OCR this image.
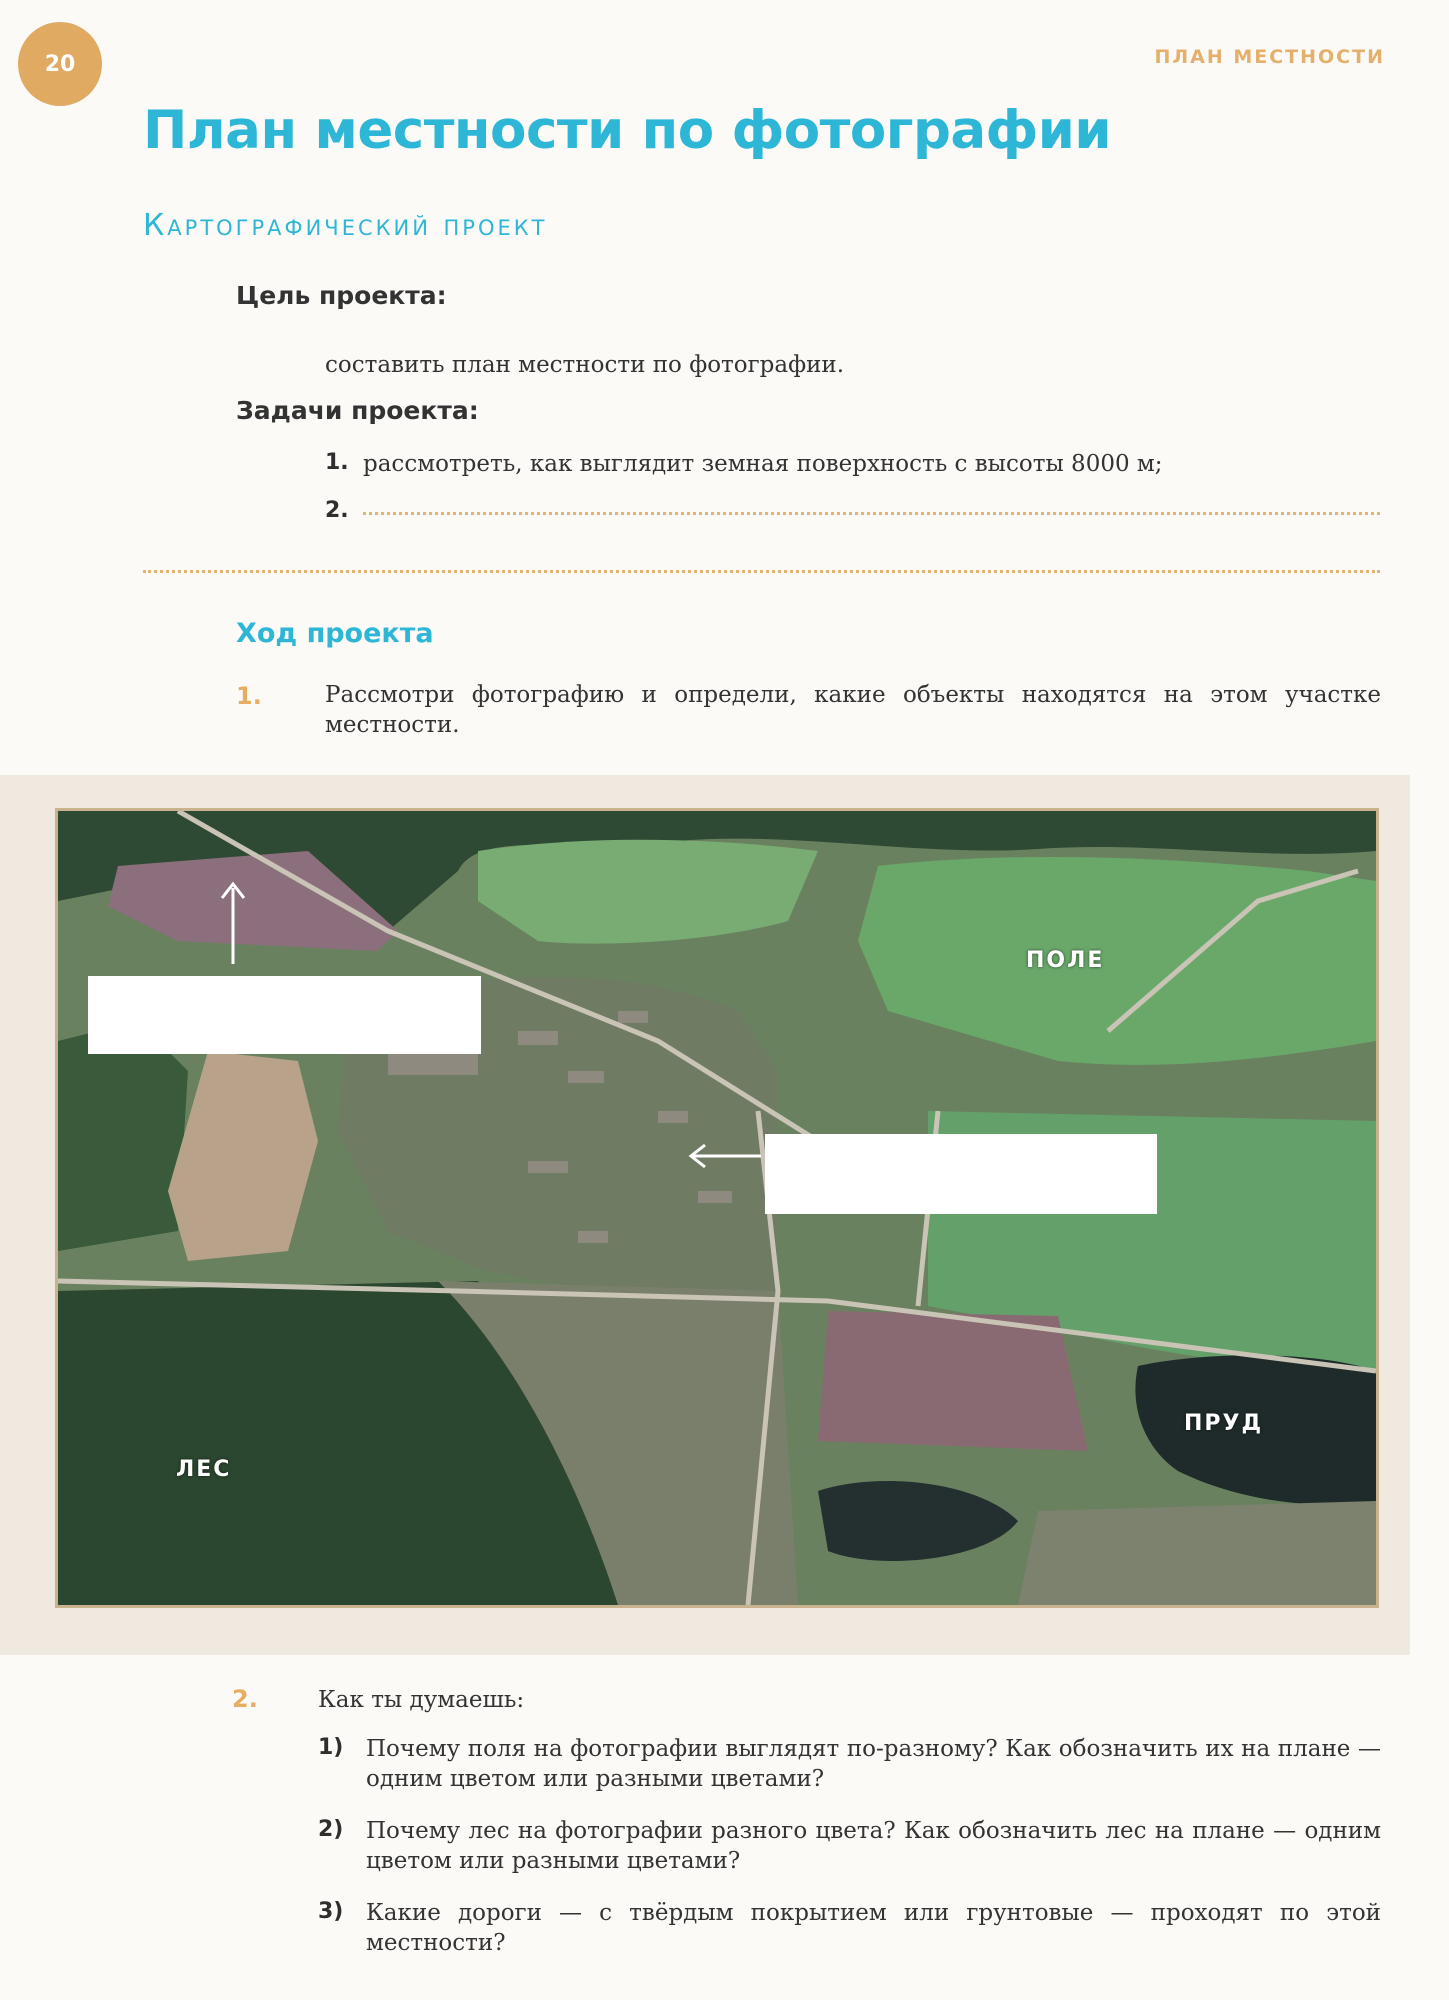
20	ПЛАН МЕСТНОСТИ
План местности по фотографии
Картографический проект
Цель проекта:
составить план местности по фотографии.
Задачи проекта:
1. рассмотреть, как выглядит земная поверхность с высоты 8000 м;
2.
Ход проекта
1.	Рассмотри фотографию и определи, какие объекты находятся на этом участке местности.
ПОЛЕ
ПРУД
ЛЕС
2.	Как ты думаешь:
1) Почему поля на фотографии выглядят по-разному? Как обозначить их на плане — одним цветом или разными цветами?
2) Почему лес на фотографии разного цвета? Как обозначить лес на плане — одним цветом или разными цветами?
3) Какие дороги — с твёрдым покрытием или грунтовые — проходят по этой местности?
